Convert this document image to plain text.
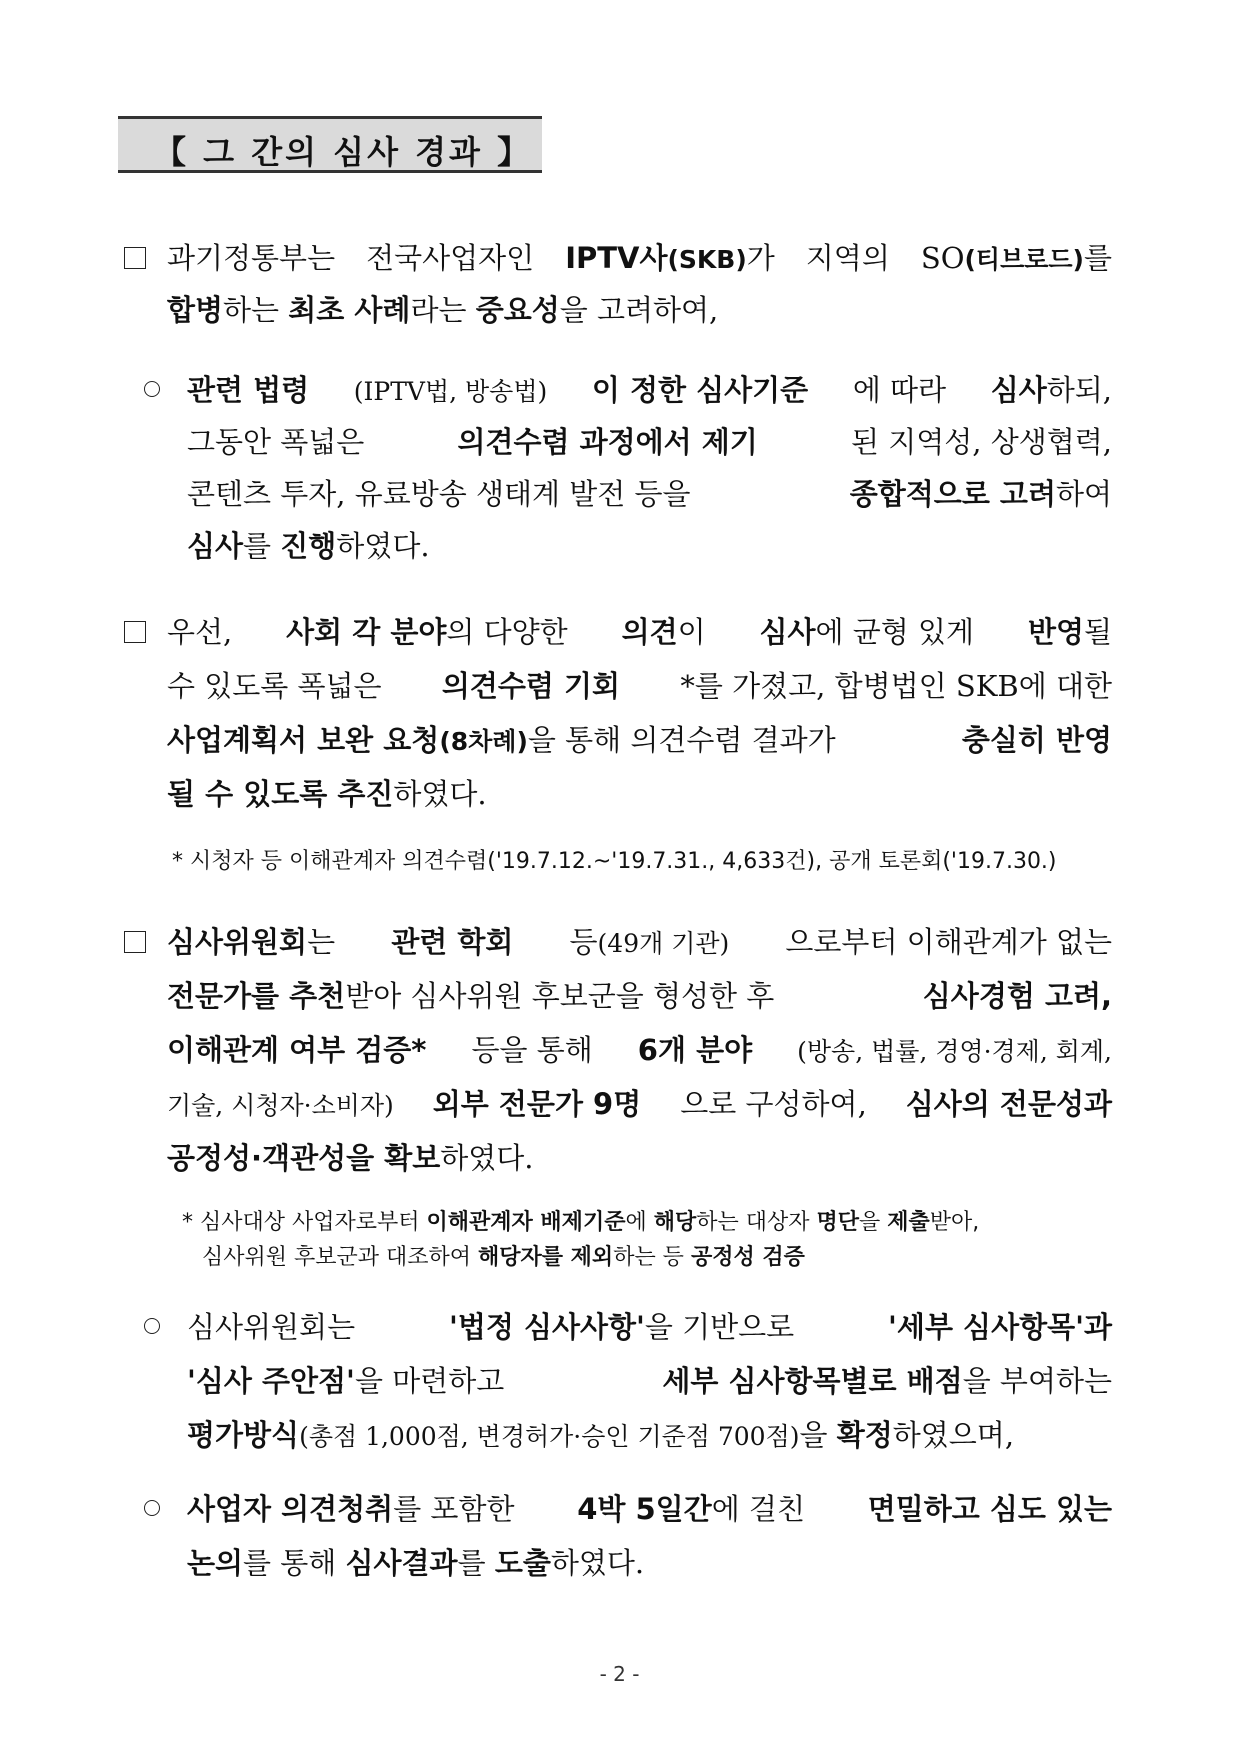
【 그 간의 심사 경과 】
과기정통부는 전국사업자인 IPTV사(SKB)가 지역의 SO(티브로드)를
합병하는 최초 사례라는 중요성을 고려하여,
관련 법령 (IPTV법, 방송법) 이 정한 심사기준 에 따라 심사하되,
그동안 폭넓은	의견수렴 과정에서 제기	된 지역성, 상생협력,
콘텐츠 투자, 유료방송 생태계 발전 등을	종합적으로 고려하여
심사를 진행하였다.
우선, 사회 각 분야의 다양한 의견이 심사에 균형 있게 반영될
수 있도록 폭넓은 의견수렴 기회 *를 가졌고, 합병법인 SKB에 대한
사업계획서 보완 요청(8차례)을 통해 의견수렴 결과가	충실히 반영
될 수 있도록 추진하였다.
* 시청자 등 이해관계자 의견수렴('19.7.12.~'19.7.31., 4,633건), 공개 토론회('19.7.30.)
심사위원회는 관련 학회 등(49개 기관) 으로부터 이해관계가 없는
전문가를 추천받아 심사위원 후보군을 형성한 후	심사경험 고려,
이해관계 여부 검증* 등을 통해 6개 분야 (방송, 법률, 경영·경제, 회계,
기술, 시청자·소비자) 외부 전문가 9명 으로 구성하여, 심사의 전문성과
공정성·객관성을 확보하였다.
* 심사대상 사업자로부터 이해관계자 배제기준에 해당하는 대상자 명단을 제출받아,
심사위원 후보군과 대조하여 해당자를 제외하는 등 공정성 검증
심사위원회는	'법정 심사사항'을 기반으로	'세부 심사항목'과
'심사 주안점'을 마련하고	세부 심사항목별로 배점을 부여하는
평가방식(총점 1,000점, 변경허가·승인 기준점 700점)을 확정하였으며,
사업자 의견청취를 포함한 4박 5일간에 걸친 면밀하고 심도 있는
논의를 통해 심사결과를 도출하였다.
- 2 -
